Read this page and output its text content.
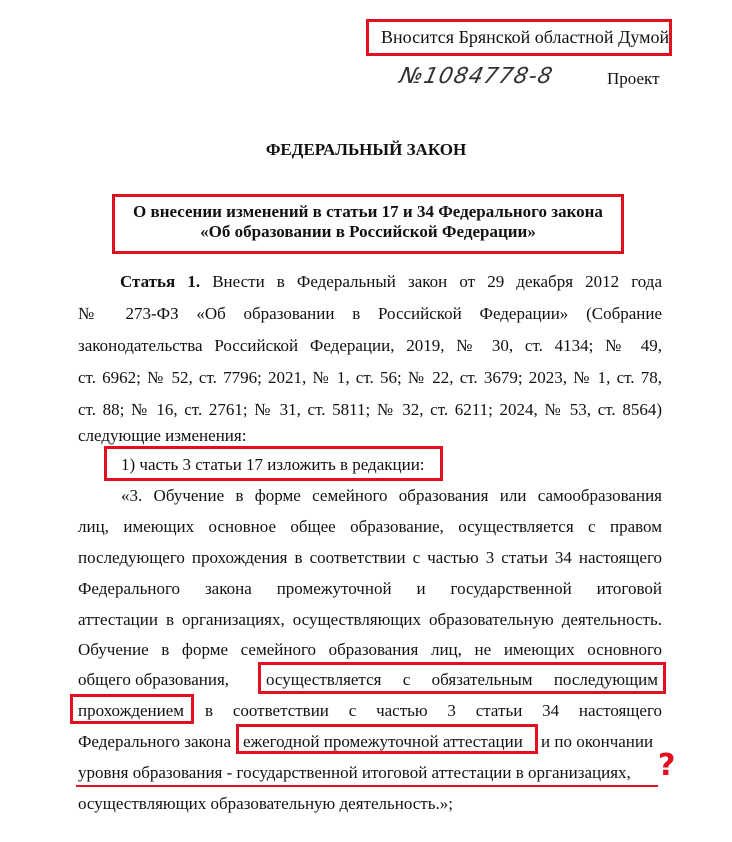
Вносится Брянской областной Думой
№1084778-8	Проект
ФЕДЕРАЛЬНЫЙ ЗАКОН
О внесении изменений в статьи 17 и 34 Федерального закона
«Об образовании в Российской Федерации»
Статья 1. Внести в Федеральный закон от 29 декабря 2012 года
№ 273-ФЗ «Об образовании в Российской Федерации» (Собрание
законодательства Российской Федерации, 2019, № 30, ст. 4134; № 49,
ст. 6962; № 52, ст. 7796; 2021, № 1, ст. 56; № 22, ст. 3679; 2023, № 1, ст. 78,
ст. 88; № 16, ст. 2761; № 31, ст. 5811; № 32, ст. 6211; 2024, № 53, ст. 8564)
следующие изменения:
1) часть 3 статьи 17 изложить в редакции:
«3. Обучение в форме семейного образования или самообразования
лиц, имеющих основное общее образование, осуществляется с правом
последующего прохождения в соответствии с частью 3 статьи 34 настоящего
Федерального закона промежуточной и государственной итоговой
аттестации в организациях, осуществляющих образовательную деятельность.
Обучение в форме семейного образования лиц, не имеющих основного
общего образования, осуществляется с обязательным последующим
прохождением в соответствии с частью 3 статьи 34 настоящего
Федерального закона ежегодной промежуточной аттестации и по окончании
уровня образования - государственной итоговой аттестации в организациях, ?
осуществляющих образовательную деятельность.»;
